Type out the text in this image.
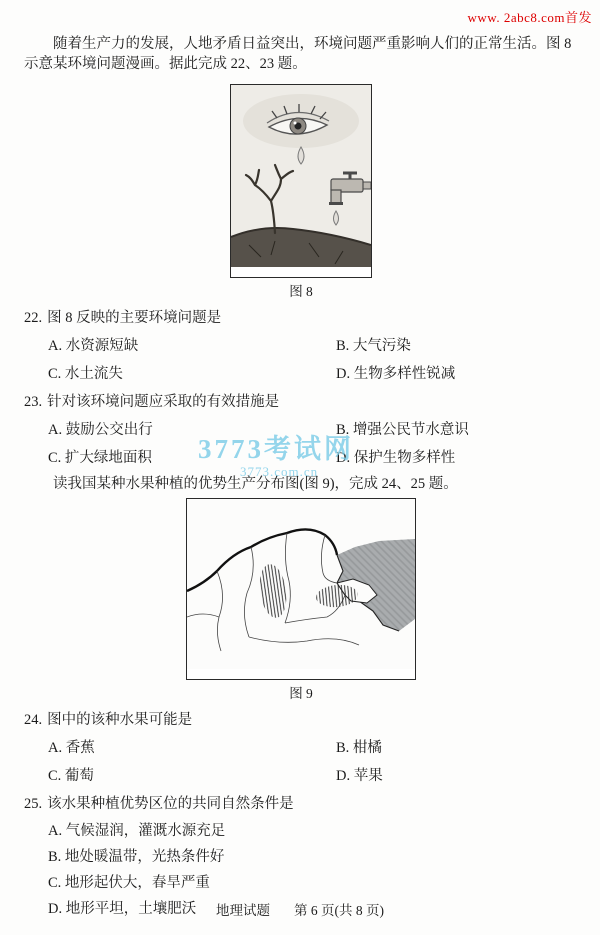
www. 2abc8.com首发

随着生产力的发展，人地矛盾日益突出，环境问题严重影响人们的正常生活。图 8 示意某环境问题漫画。据此完成 22、23 题。

图 8
22. 图 8 反映的主要环境问题是
A. 水资源短缺	B. 大气污染
C. 水土流失	D. 生物多样性锐减
23. 针对该环境问题应采取的有效措施是
A. 鼓励公交出行	B. 增强公民节水意识
C. 扩大绿地面积	D. 保护生物多样性

读我国某种水果种植的优势生产分布图(图 9)，完成 24、25 题。

图 9
24. 图中的该种水果可能是
A. 香蕉	B. 柑橘
C. 葡萄	D. 苹果
25. 该水果种植优势区位的共同自然条件是
A. 气候湿润，灌溉水源充足
B. 地处暖温带，光热条件好
C. 地形起伏大，春旱严重
D. 地形平坦，土壤肥沃
3773考试网
3773.com.cn
地理试题 第 6 页(共 8 页)
